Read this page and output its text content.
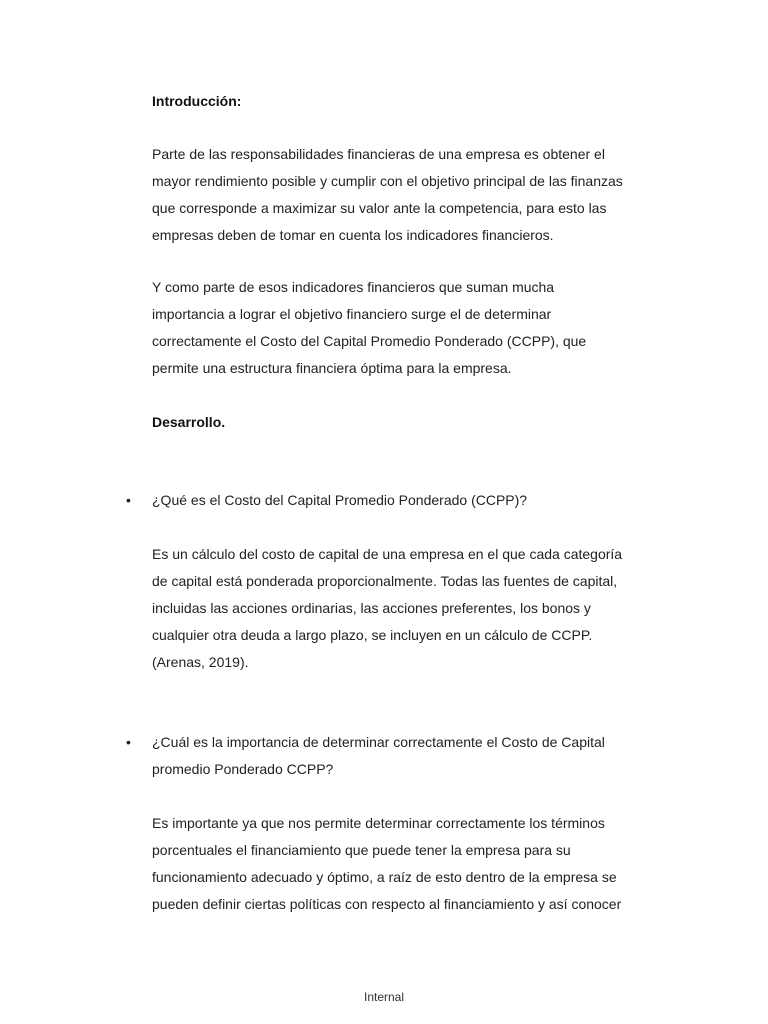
Introducción:

Parte de las responsabilidades financieras de una empresa es obtener el
mayor rendimiento posible y cumplir con el objetivo principal de las finanzas
que corresponde a maximizar su valor ante la competencia, para esto las
empresas deben de tomar en cuenta los indicadores financieros.

Y como parte de esos indicadores financieros que suman mucha
importancia a lograr el objetivo financiero surge el de determinar
correctamente el Costo del Capital Promedio Ponderado (CCPP), que
permite una estructura financiera óptima para la empresa.

Desarrollo.
• ¿Qué es el Costo del Capital Promedio Ponderado (CCPP)?

Es un cálculo del costo de capital de una empresa en el que cada categoría
de capital está ponderada proporcionalmente. Todas las fuentes de capital,
incluidas las acciones ordinarias, las acciones preferentes, los bonos y
cualquier otra deuda a largo plazo, se incluyen en un cálculo de CCPP.
(Arenas, 2019).

• ¿Cuál es la importancia de determinar correctamente el Costo de Capital
promedio Ponderado CCPP?

Es importante ya que nos permite determinar correctamente los términos
porcentuales el financiamiento que puede tener la empresa para su
funcionamiento adecuado y óptimo, a raíz de esto dentro de la empresa se
pueden definir ciertas políticas con respecto al financiamiento y así conocer

Internal
